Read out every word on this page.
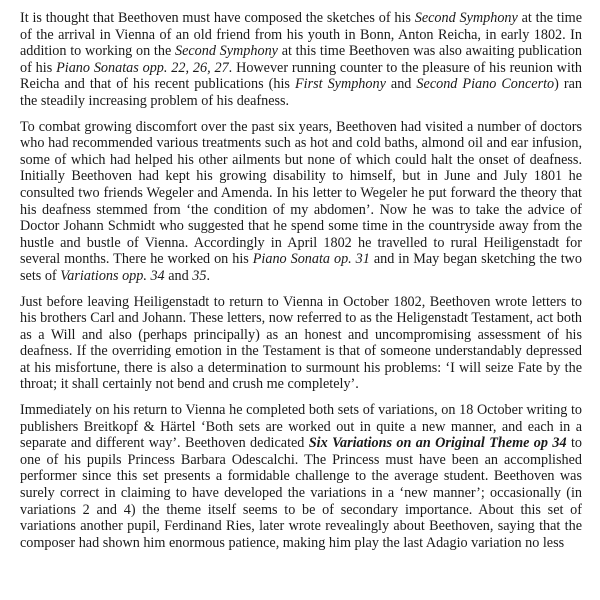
It is thought that Beethoven must have composed the sketches of his Second Symphony at the time of the arrival in Vienna of an old friend from his youth in Bonn, Anton Reicha, in early 1802. In addition to working on the Second Symphony at this time Beethoven was also awaiting publication of his Piano Sonatas opp. 22, 26, 27. However running counter to the pleasure of his reunion with Reicha and that of his recent publications (his First Symphony and Second Piano Concerto) ran the steadily increasing problem of his deafness.

To combat growing discomfort over the past six years, Beethoven had visited a number of doctors who had recommended various treatments such as hot and cold baths, almond oil and ear infusion, some of which had helped his other ailments but none of which could halt the onset of deafness. Initially Beethoven had kept his growing disability to himself, but in June and July 1801 he consulted two friends Wegeler and Amenda. In his letter to Wegeler he put forward the theory that his deafness stemmed from ‘the condition of my abdomen’. Now he was to take the advice of Doctor Johann Schmidt who suggested that he spend some time in the countryside away from the hustle and bustle of Vienna. Accordingly in April 1802 he travelled to rural Heiligenstadt for several months. There he worked on his Piano Sonata op. 31 and in May began sketching the two sets of Variations opp. 34 and 35.

Just before leaving Heiligenstadt to return to Vienna in October 1802, Beethoven wrote letters to his brothers Carl and Johann. These letters, now referred to as the Heligenstadt Testament, act both as a Will and also (perhaps principally) as an honest and uncompromising assessment of his deafness. If the overriding emotion in the Testament is that of someone understandably depressed at his misfortune, there is also a determination to surmount his problems: ‘I will seize Fate by the throat; it shall certainly not bend and crush me completely’.

Immediately on his return to Vienna he completed both sets of variations, on 18 October writing to publishers Breitkopf & Härtel ‘Both sets are worked out in quite a new manner, and each in a separate and different way’. Beethoven dedicated Six Variations on an Original Theme op 34 to one of his pupils Princess Barbara Odescalchi. The Princess must have been an accomplished performer since this set presents a formidable challenge to the average student. Beethoven was surely correct in claiming to have developed the variations in a ‘new manner’; occasionally (in variations 2 and 4) the theme itself seems to be of secondary importance. About this set of variations another pupil, Ferdinand Ries, later wrote revealingly about Beethoven, saying that the composer had shown him enormous patience, making him play the last Adagio variation no less
